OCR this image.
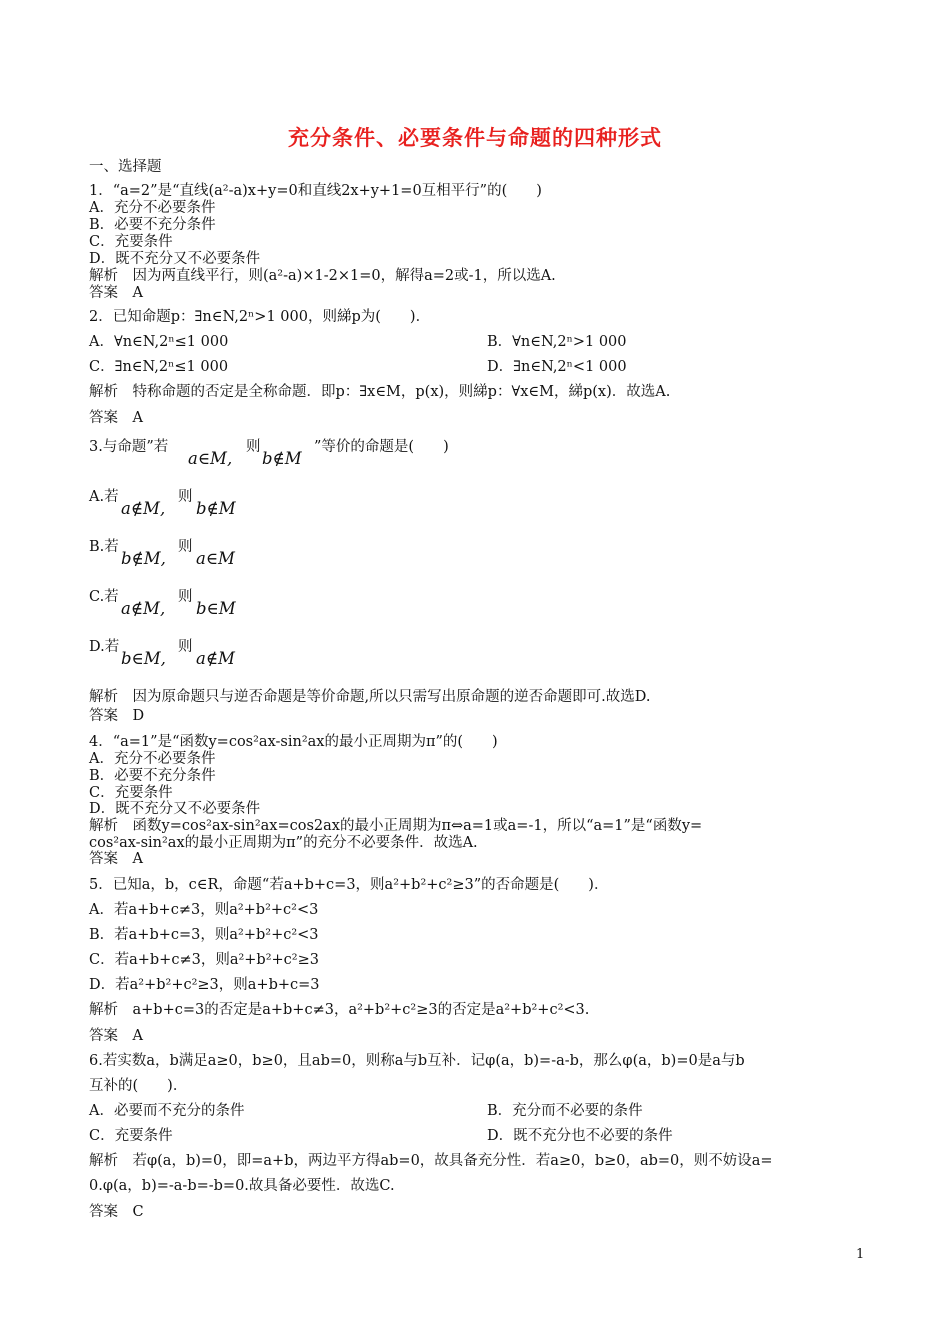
充分条件、必要条件与命题的四种形式
一、选择题
1．“a=2”是“直线(a²-a)x+y=0和直线2x+y+1=0互相平行”的(　　)
A．充分不必要条件
B．必要不充分条件
C．充要条件
D．既不充分又不必要条件
解析　因为两直线平行，则(a²-a)×1-2×1=0，解得a=2或-1，所以选A.
答案　A
2．已知命题p：∃n∈N,2ⁿ>1 000，则綈p为(　　)．
A．∀n∈N,2ⁿ≤1 000	B．∀n∈N,2ⁿ>1 000
C．∃n∈N,2ⁿ≤1 000	D．∃n∈N,2ⁿ<1 000
解析　特称命题的否定是全称命题．即p：∃x∈M，p(x)，则綈p：∀x∈M，綈p(x)．故选A.
答案　A
3.与命题”若
a∈M,
则
b∉M
”等价的命题是(　　)
A.若
a∉M,
则
b∉M
B.若
b∉M,
则
a∈M
C.若
a∉M,
则
b∈M
D.若
b∈M,
则
a∉M
解析　因为原命题只与逆否命题是等价命题,所以只需写出原命题的逆否命题即可.故选D.
答案　D
4．“a=1”是“函数y=cos²ax-sin²ax的最小正周期为π”的(　　)
A．充分不必要条件
B．必要不充分条件
C．充要条件
D．既不充分又不必要条件
解析　函数y=cos²ax-sin²ax=cos2ax的最小正周期为π⇔a=1或a=-1，所以“a=1”是“函数y=
cos²ax-sin²ax的最小正周期为π”的充分不必要条件．故选A.
答案　A
5．已知a，b，c∈R，命题“若a+b+c=3，则a²+b²+c²≥3”的否命题是(　　)．
A．若a+b+c≠3，则a²+b²+c²<3
B．若a+b+c=3，则a²+b²+c²<3
C．若a+b+c≠3，则a²+b²+c²≥3
D．若a²+b²+c²≥3，则a+b+c=3
解析　a+b+c=3的否定是a+b+c≠3，a²+b²+c²≥3的否定是a²+b²+c²<3.
答案　A
6.若实数a，b满足a≥0，b≥0，且ab=0，则称a与b互补．记φ(a，b)=-a-b，那么φ(a，b)=0是a与b
互补的(　　)．
A．必要而不充分的条件	B．充分而不必要的条件
C．充要条件	D．既不充分也不必要的条件
解析　若φ(a，b)=0，即=a+b，两边平方得ab=0，故具备充分性．若a≥0，b≥0，ab=0，则不妨设a=
0.φ(a，b)=-a-b=-b=0.故具备必要性．故选C.
答案　C
1
